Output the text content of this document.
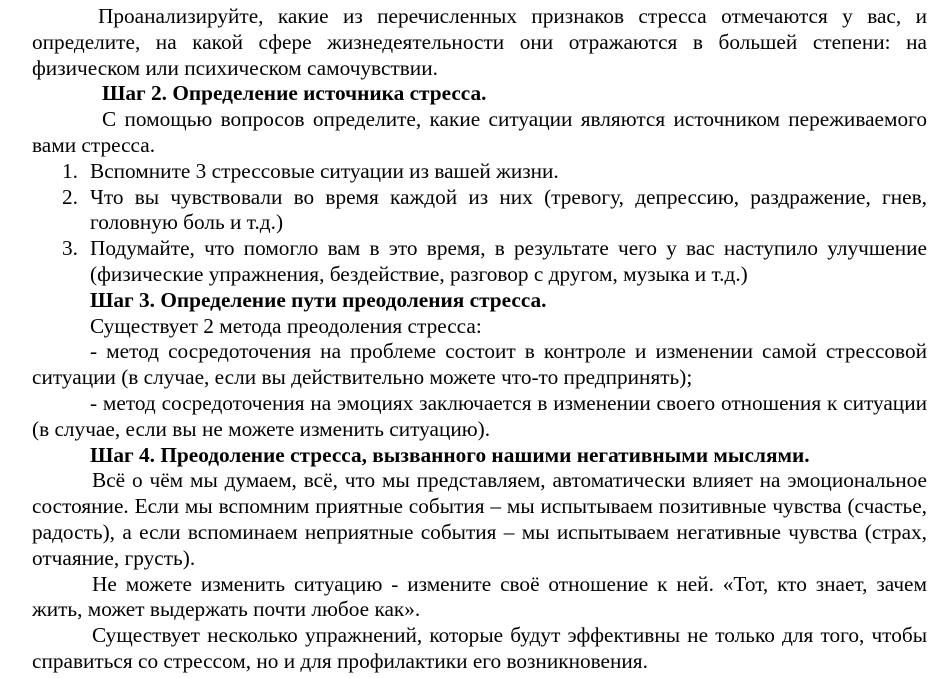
Проанализируйте, какие из перечисленных признаков стресса отмечаются у вас, и определите, на какой сфере жизнедеятельности они отражаются в большей степени: на физическом или психическом самочувствии.

Шаг 2. Определение источника стресса.

С помощью вопросов определите, какие ситуации являются источником переживаемого вами стресса.

1. Вспомните 3 стрессовые ситуации из вашей жизни.
2. Что вы чувствовали во время каждой из них (тревогу, депрессию, раздражение, гнев, головную боль и т.д.)
3. Подумайте, что помогло вам в это время, в результате чего у вас наступило улучшение (физические упражнения, бездействие, разговор с другом, музыка и т.д.)

Шаг 3. Определение пути преодоления стресса.

Существует 2 метода преодоления стресса:

- метод сосредоточения на проблеме состоит в контроле и изменении самой стрессовой ситуации (в случае, если вы действительно можете что-то предпринять);

- метод сосредоточения на эмоциях заключается в изменении своего отношения к ситуации (в случае, если вы не можете изменить ситуацию).

Шаг 4. Преодоление стресса, вызванного нашими негативными мыслями.

Всё о чём мы думаем, всё, что мы представляем, автоматически влияет на эмоциональное состояние. Если мы вспомним приятные события – мы испытываем позитивные чувства (счастье, радость), а если вспоминаем неприятные события – мы испытываем негативные чувства (страх, отчаяние, грусть).

Не можете изменить ситуацию - измените своё отношение к ней. «Тот, кто знает, зачем жить, может выдержать почти любое как».

Существует несколько упражнений, которые будут эффективны не только для того, чтобы справиться со стрессом, но и для профилактики его возникновения.
